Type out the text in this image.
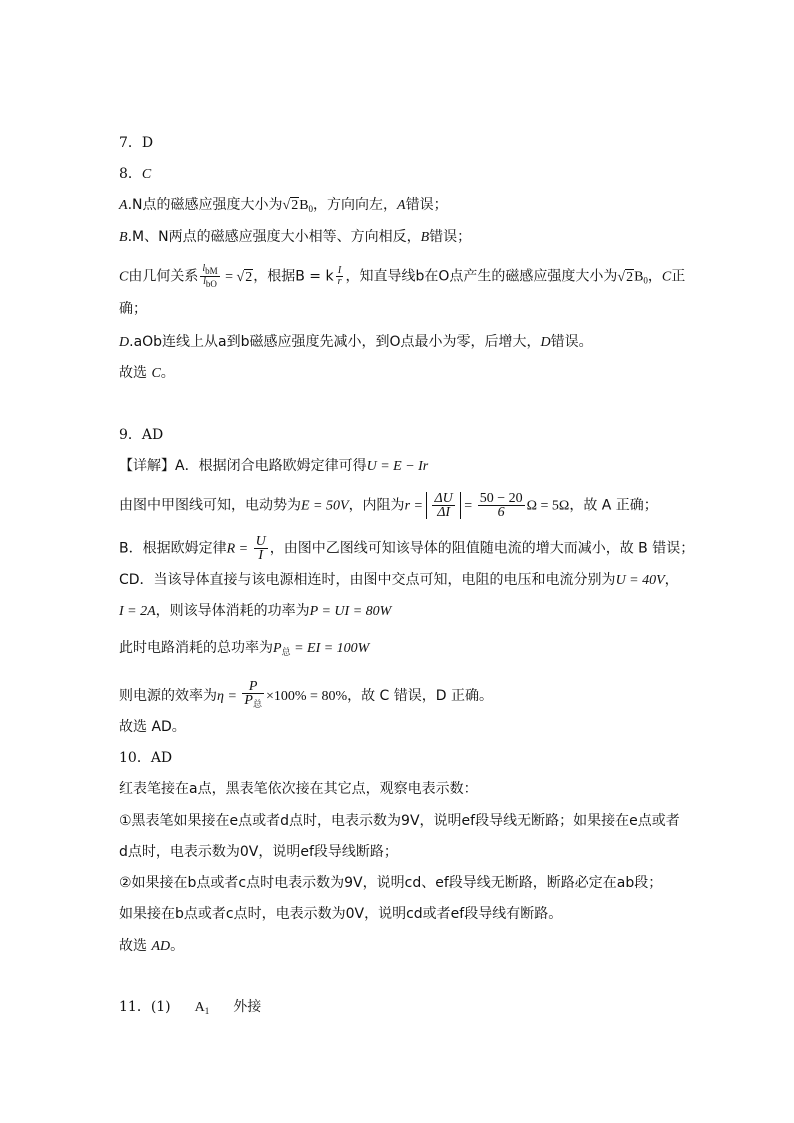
7．D
8．C
A.N点的磁感应强度大小为$√2B_0$，方向向左，A错误；
B.M、N两点的磁感应强度大小相等、方向相反，B错误；
C由几何关系 $\frac{\text{lbM}}{\text{lbO}} = √2$，根据B = k $\frac{I}{r}$ ，知直导线b在O点产生的磁感应强度大小为$√2B_0$，C正
确；
D.aOb连线上从a到b磁感应强度先减小，到O点最小为零，后增大，D错误。
故选 C。
9．AD
【详解】A．根据闭合电路欧姆定律可得U = E − Ir
由图中甲图线可知，电动势为E = 50V，内阻为$r = \frac{\Delta U}{\Delta I} = \frac{50 - 20}{6}$ Ω = 5Ω，故 A 正确；
B．根据欧姆定律$R = \frac{U}{I}$ ，由图中乙图线可知该导体的阻值随电流的增大而减小，故 B 错误；
CD．当该导体直接与该电源相连时，由图中交点可知，电阻的电压和电流分别为U = 40V，
I = 2A，则该导体消耗的功率为P = UI = 80W
此时电路消耗的总功率为$P_总$ = EI = 100W
则电源的效率为$\eta = \frac{P}{P_总} \times 100\% = 80\%$，故 C 错误，D 正确。
故选 AD。
10．AD
红表笔接在a点，黑表笔依次接在其它点，观察电表示数：
①黑表笔如果接在e点或者d点时，电表示数为9V，说明ef段导线无断路；如果接在e点或者
d点时，电表示数为0V，说明ef段导线断路；
②如果接在b点或者c点时电表示数为9V，说明cd、ef段导线无断路，断路必定在ab段；
如果接在b点或者c点时，电表示数为0V，说明cd或者ef段导线有断路。
故选 AD。
11．(1) $A_1$ 外接
